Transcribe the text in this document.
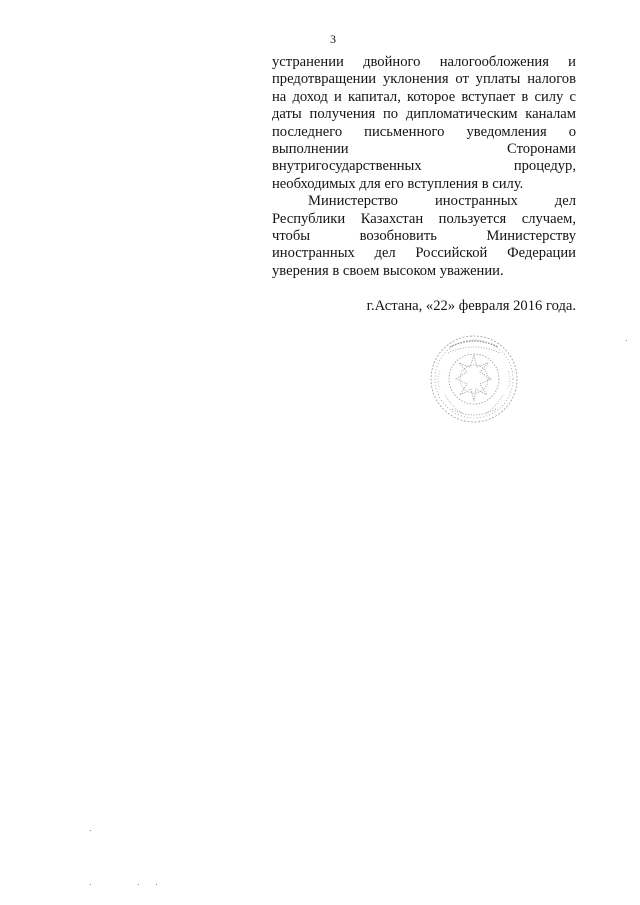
3
устранении двойного налогообложения и
предотвращении уклонения от уплаты налогов
на доход и капитал, которое вступает в силу с
даты получения по дипломатическим каналам
последнего письменного уведомления о
выполнении Сторонами
внутригосударственных процедур,
необходимых для его вступления в силу.
Министерство иностранных дел
Республики Казахстан пользуется случаем,
чтобы возобновить Министерству
иностранных дел Российской Федерации
уверения в своем высоком уважении.
г.Астана, «22» февраля 2016 года.
